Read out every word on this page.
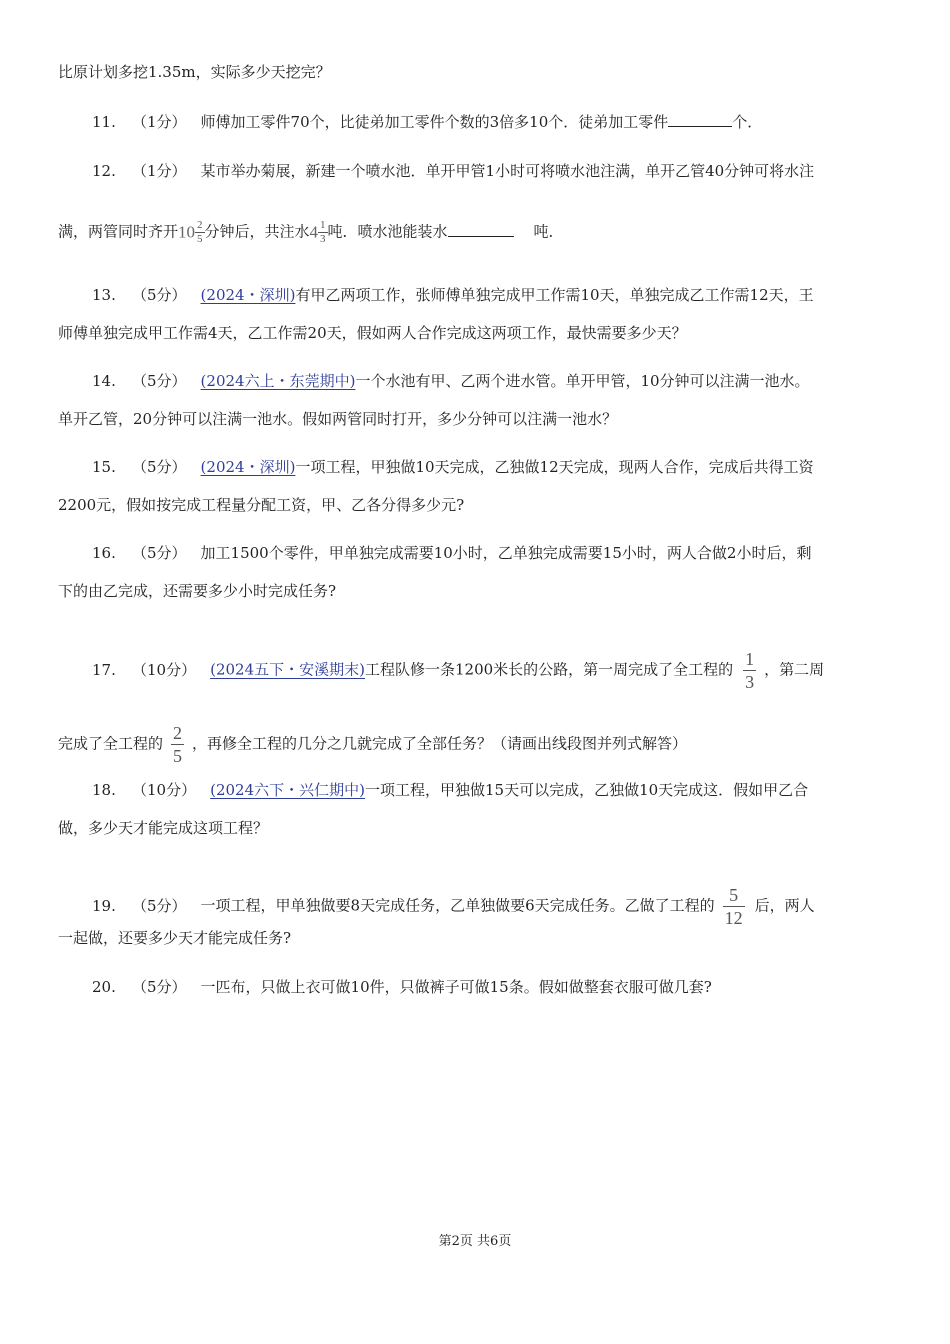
比原计划多挖1.35m，实际多少天挖完？
11. （1分） 师傅加工零件70个，比徒弟加工零件个数的3倍多10个．徒弟加工零件	个．
12. （1分） 某市举办菊展，新建一个喷水池．单开甲管1小时可将喷水池注满，单开乙管40分钟可将水注
满，两管同时齐开$10 \frac{2}{5}$ 分钟后，共注水$4 \frac{1}{3}$ 吨．喷水池能装水	吨．
13. （5分） (2024・深圳)有甲乙两项工作，张师傅单独完成甲工作需10天，单独完成乙工作需12天，王
师傅单独完成甲工作需4天，乙工作需20天，假如两人合作完成这两项工作，最快需要多少天？
14. （5分） (2024六上・东莞期中)一个水池有甲、乙两个进水管。单开甲管，10分钟可以注满一池水。
单开乙管，20分钟可以注满一池水。假如两管同时打开，多少分钟可以注满一池水？
15. （5分） (2024・深圳)一项工程，甲独做10天完成，乙独做12天完成，现两人合作，完成后共得工资
2200元，假如按完成工程量分配工资，甲、乙各分得多少元?
16. （5分） 加工1500个零件，甲单独完成需要10小时，乙单独完成需要15小时，两人合做2小时后，剩
下的由乙完成，还需要多少小时完成任务?
17. （10分） (2024五下・安溪期末)工程队修一条1200米长的公路，第一周完成了全工程的 $\frac{1}{3}$ ，第二周
完成了全工程的 $\frac{2}{5}$ ，再修全工程的几分之几就完成了全部任务？（请画出线段图并列式解答）
18. （10分） (2024六下・兴仁期中)一项工程，甲独做15天可以完成，乙独做10天完成这．假如甲乙合
做，多少天才能完成这项工程？
19. （5分） 一项工程，甲单独做要8天完成任务，乙单独做要6天完成任务。乙做了工程的 $\frac{5}{12}$ 后，两人
一起做，还要多少天才能完成任务?
20. （5分） 一匹布，只做上衣可做10件，只做裤子可做15条。假如做整套衣服可做几套?
第2页 共6页
